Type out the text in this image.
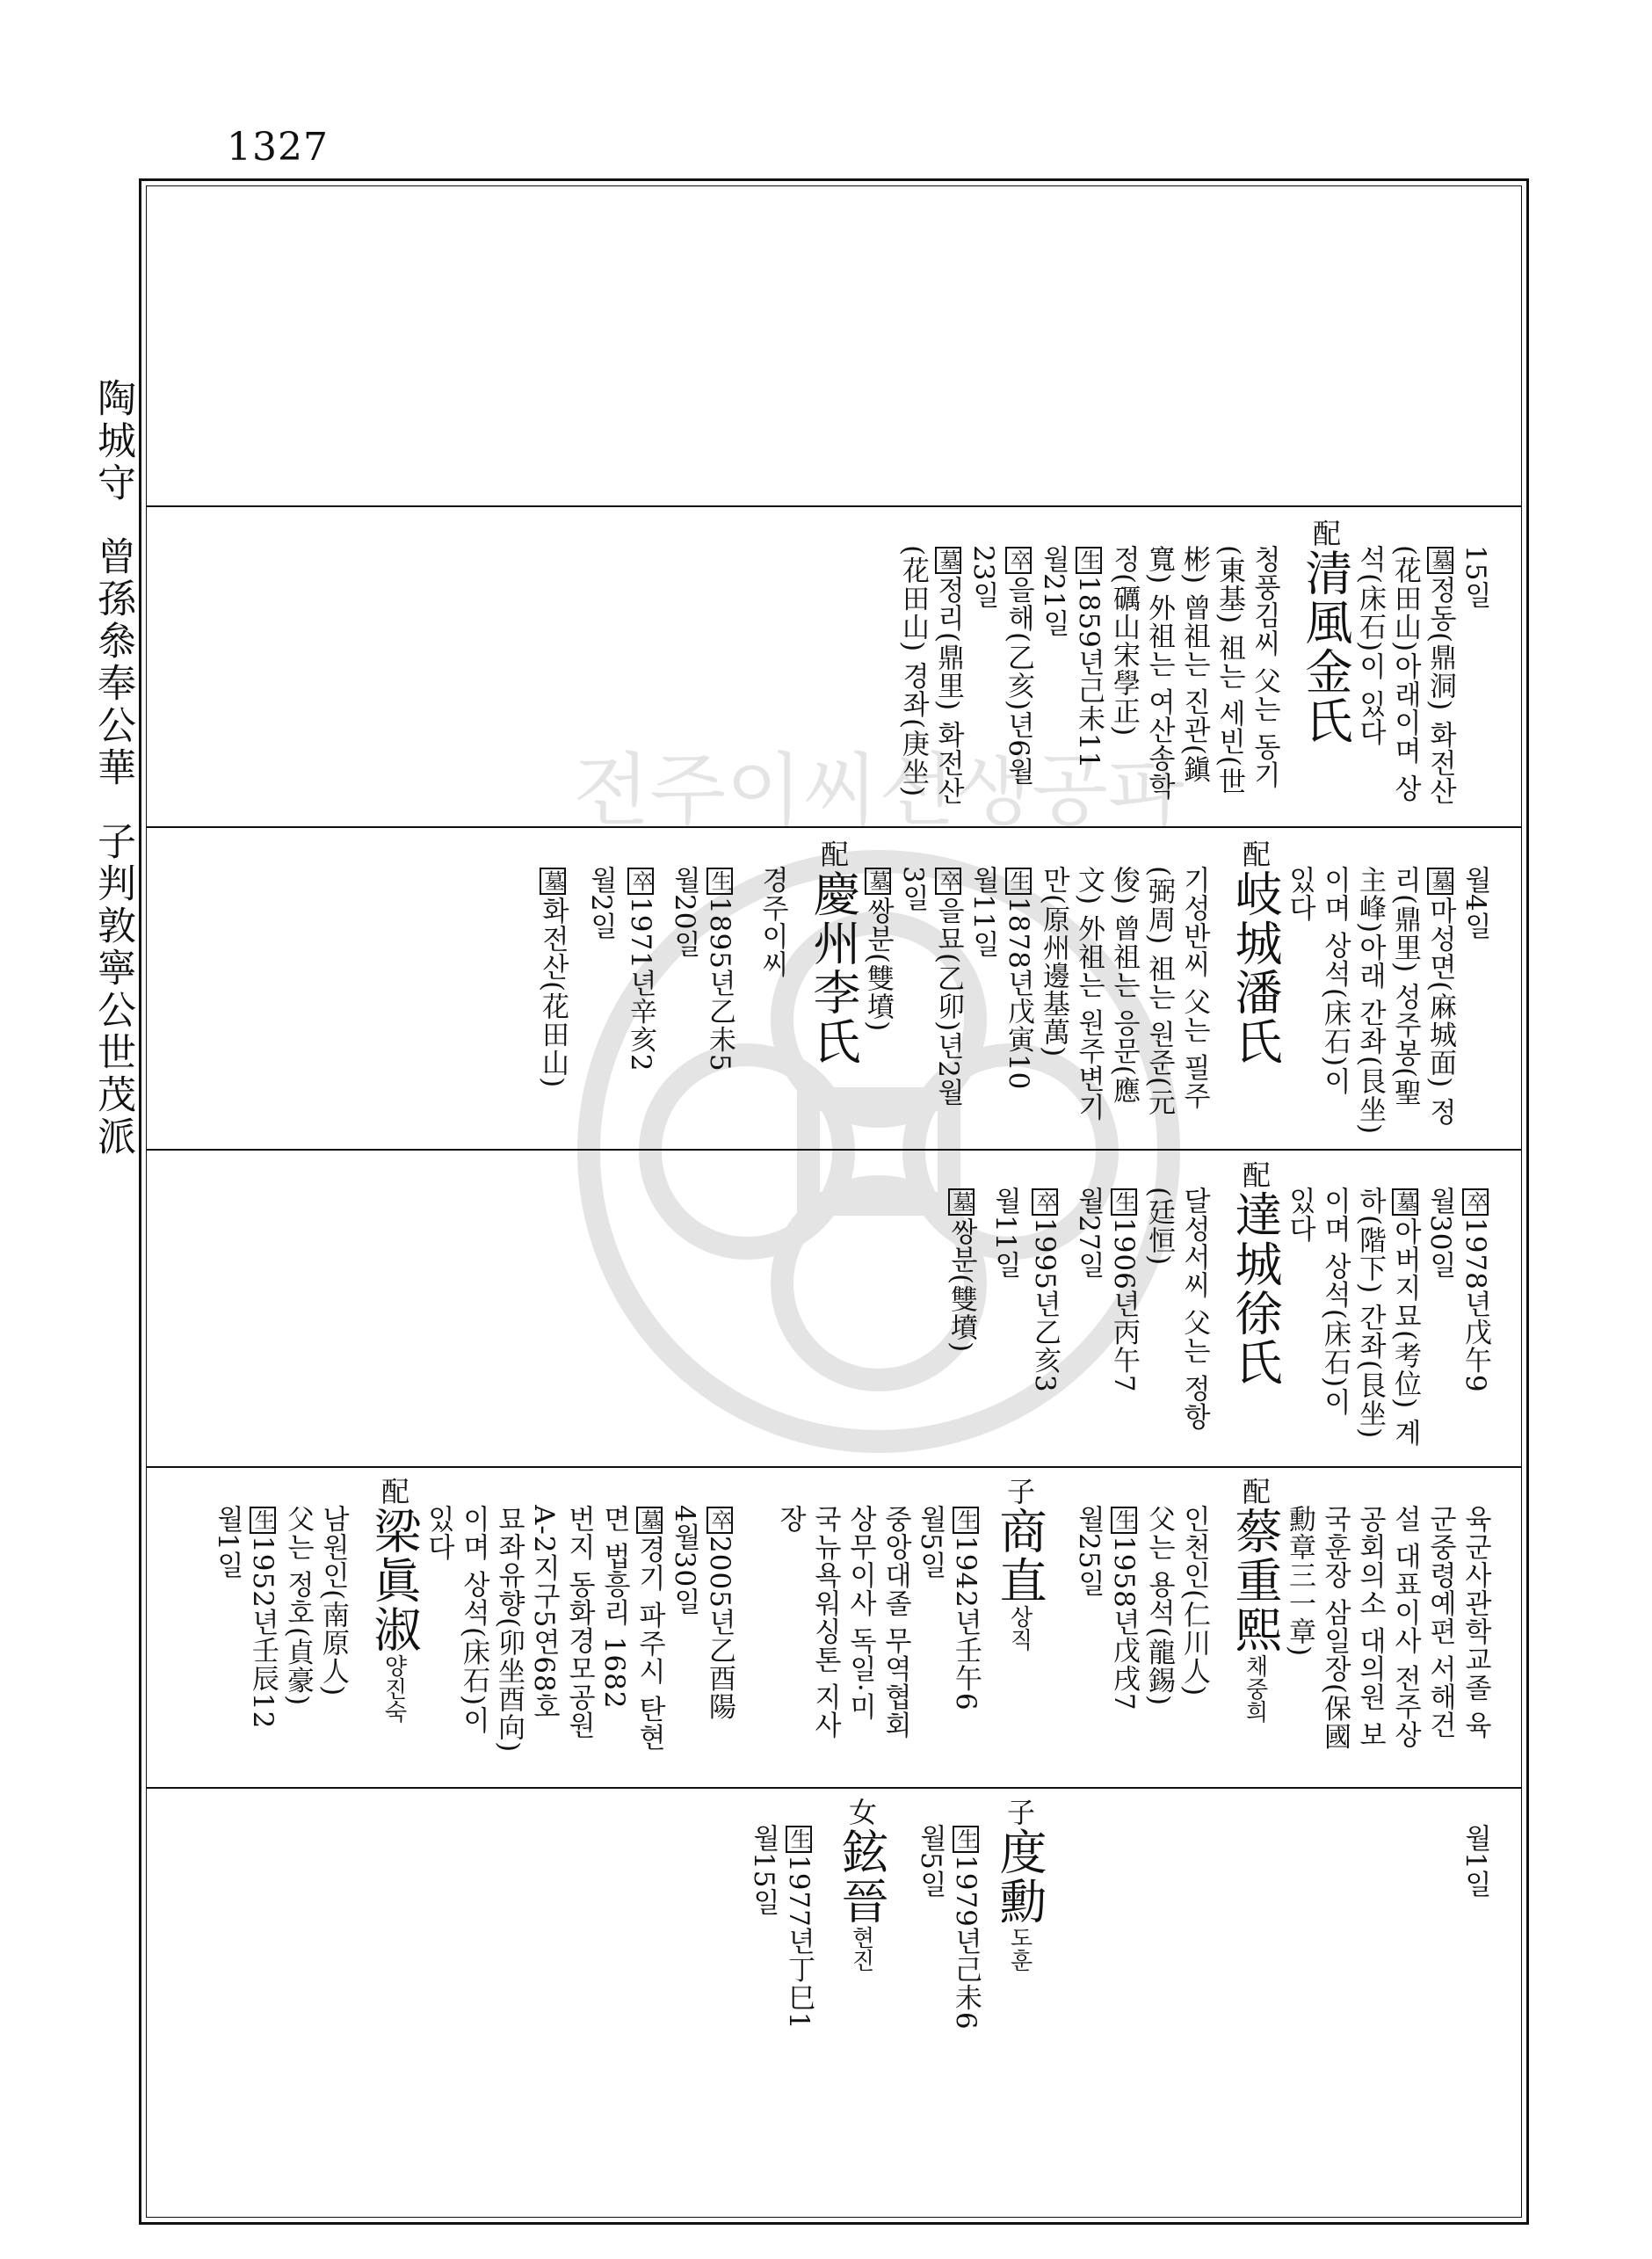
1327
陶城守  曾孫叅奉公華  子判敦寧公世茂派	전주이씨선생공파
15일
墓정동(鼎洞) 화전산
(花田山)아래이며 상
석(床石)이 있다
配清風金氏
청풍김씨 父는 동기
(東基) 祖는 세빈(世
彬) 曾祖는 진관(鎭
寬) 外祖는 여산송학
정(礪山宋學正)
生1859년己未11
월21일
卒을해(乙亥)년6월
23일
墓정리(鼎里) 화전산
(花田山) 경좌(庚坐)
월4일
墓마성면(麻城面) 정
리(鼎里) 성주봉(聖
主峰)아래 간좌(艮坐)
이며 상석(床石)이
있다
配岐城潘氏
기성반씨 父는 필주
(弼周) 祖는 원준(元
俊) 曾祖는 응문(應
文) 外祖는 원주변기
만(原州邊基萬)
生1878년戊寅10
월11일
卒을묘(乙卯)년2월
3일
墓쌍분(雙墳)
配慶州李氏
경주이씨
生1895년乙未5
월20일
卒1971년辛亥2
월2일
墓화전산(花田山)
卒1978년戊午9
월30일
墓아버지묘(考位) 계
하(階下) 간좌(艮坐)
이며 상석(床石)이
있다
配達城徐氏
달성서씨 父는 정항
(廷恒)
生1906년丙午7
월27일
卒1995년乙亥3
월11일
墓쌍분(雙墳)
육군사관학교졸 육
군중령예편 서해건
설 대표이사 전주상
공회의소 대의원 보
국훈장 삼일장(保國
勳章三一章)
配蔡重熙채중희
인천인(仁川人)
父는 용석(龍錫)
生1958년戊戌7
월25일
子商直상직
生1942년壬午6
월5일
중앙대졸 무역협회
상무이사 독일·미
국뉴욕워싱톤 지사
장
卒2005년乙酉陽
4월30일
墓경기 파주시 탄현
면 법흥리 1682
번지 동화경모공원
A-2지구5연68호
묘좌유향(卯坐酉向)
이며 상석(床石)이
있다
配梁眞淑양진숙
남원인(南原人)
父는 정호(貞豪)
生1952년壬辰12
월1일
월1일
子度勳도훈
生1979년己未6
월5일
女鉉晉현진
生1977년丁巳1
월15일
